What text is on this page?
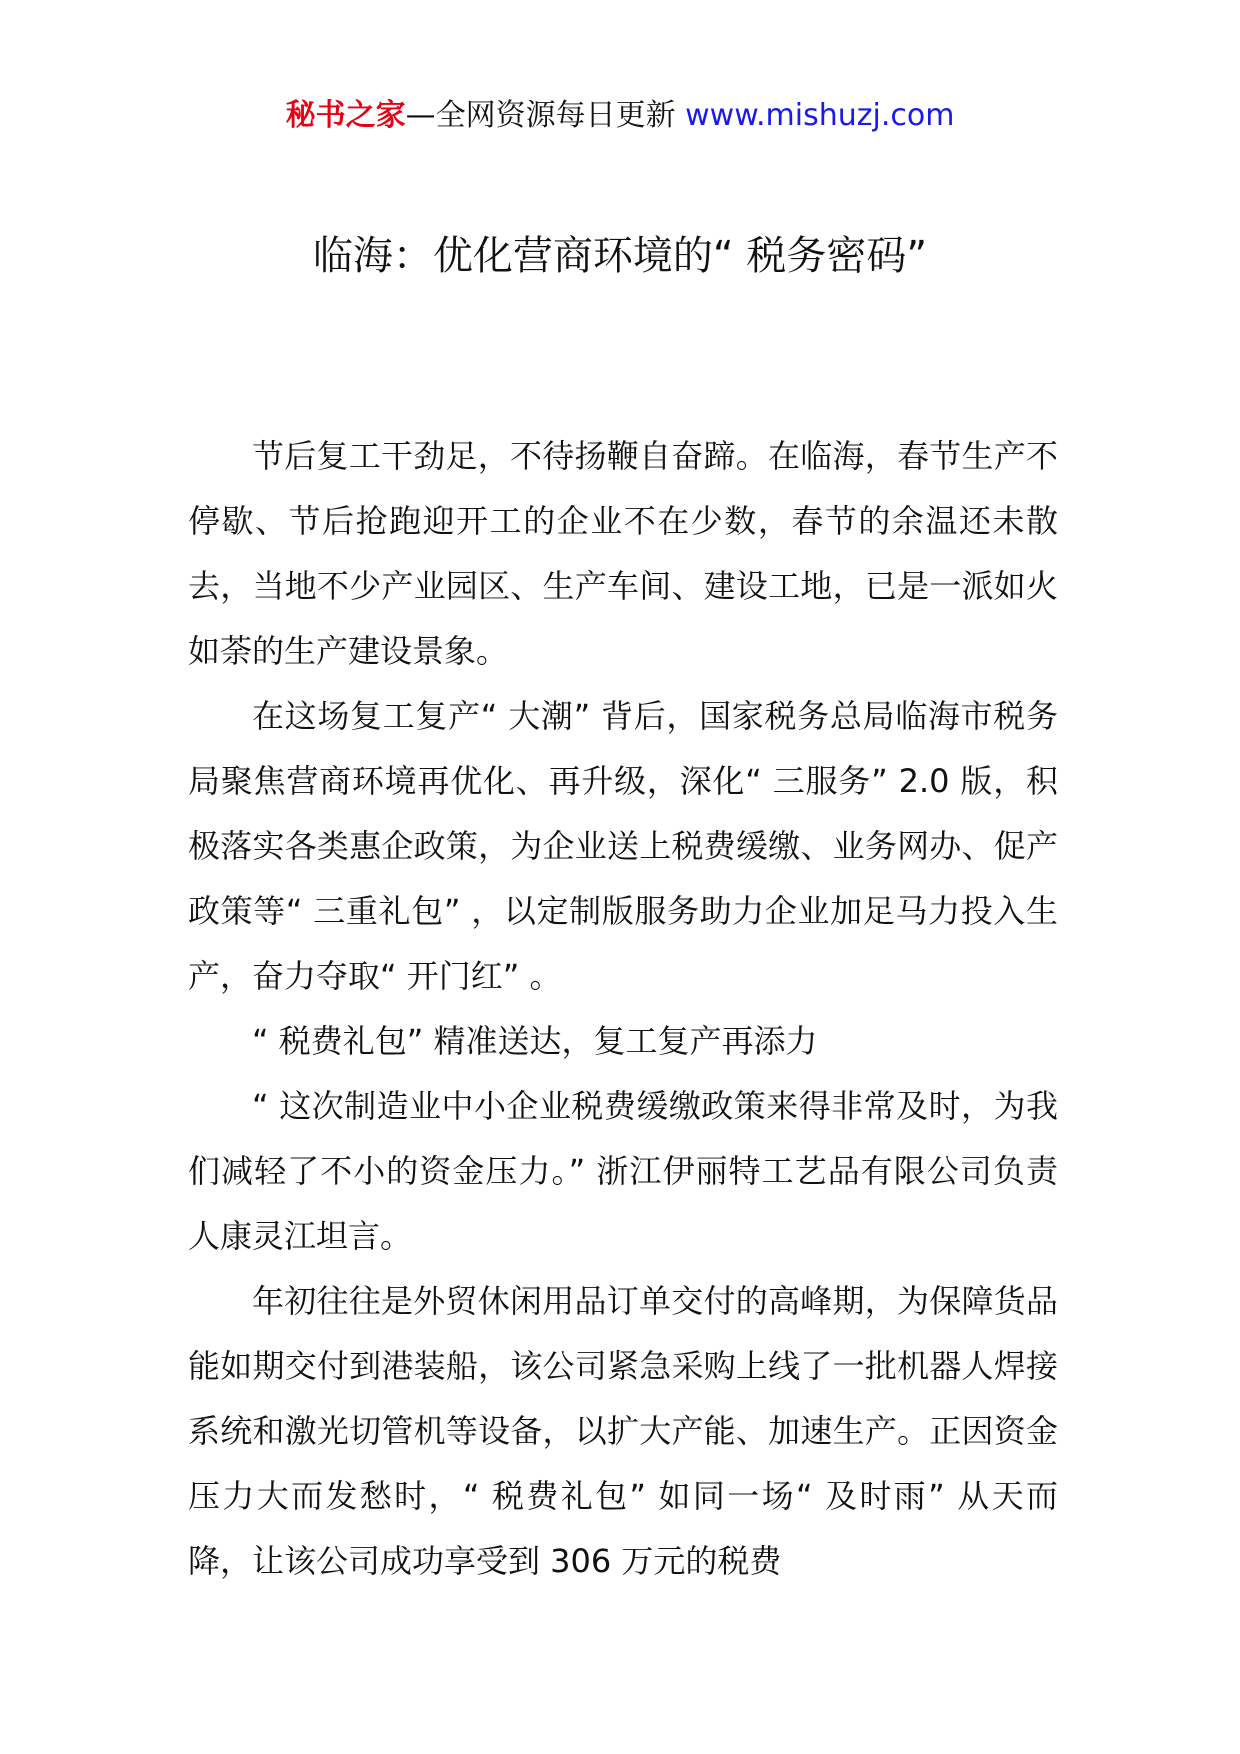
秘书之家—全网资源每日更新 www.mishuzj.com
临海：优化营商环境的“ 税务密码”

节后复工干劲足，不待扬鞭自奋蹄。在临海，春节生产不停歇、节后抢跑迎开工的企业不在少数，春节的余温还未散去，当地不少产业园区、生产车间、建设工地，已是一派如火如荼的生产建设景象。

在这场复工复产“ 大潮” 背后，国家税务总局临海市税务局聚焦营商环境再优化、再升级，深化“ 三服务” 2.0 版，积极落实各类惠企政策，为企业送上税费缓缴、业务网办、促产政策等“ 三重礼包” ，以定制版服务助力企业加足马力投入生产，奋力夺取“ 开门红” 。

“ 税费礼包” 精准送达，复工复产再添力

“ 这次制造业中小企业税费缓缴政策来得非常及时，为我们减轻了不小的资金压力。” 浙江伊丽特工艺品有限公司负责人康灵江坦言。

年初往往是外贸休闲用品订单交付的高峰期，为保障货品能如期交付到港装船，该公司紧急采购上线了一批机器人焊接系统和激光切管机等设备，以扩大产能、加速生产。正因资金压力大而发愁时，“ 税费礼包” 如同一场“ 及时雨” 从天而降，让该公司成功享受到 306 万元的税费
